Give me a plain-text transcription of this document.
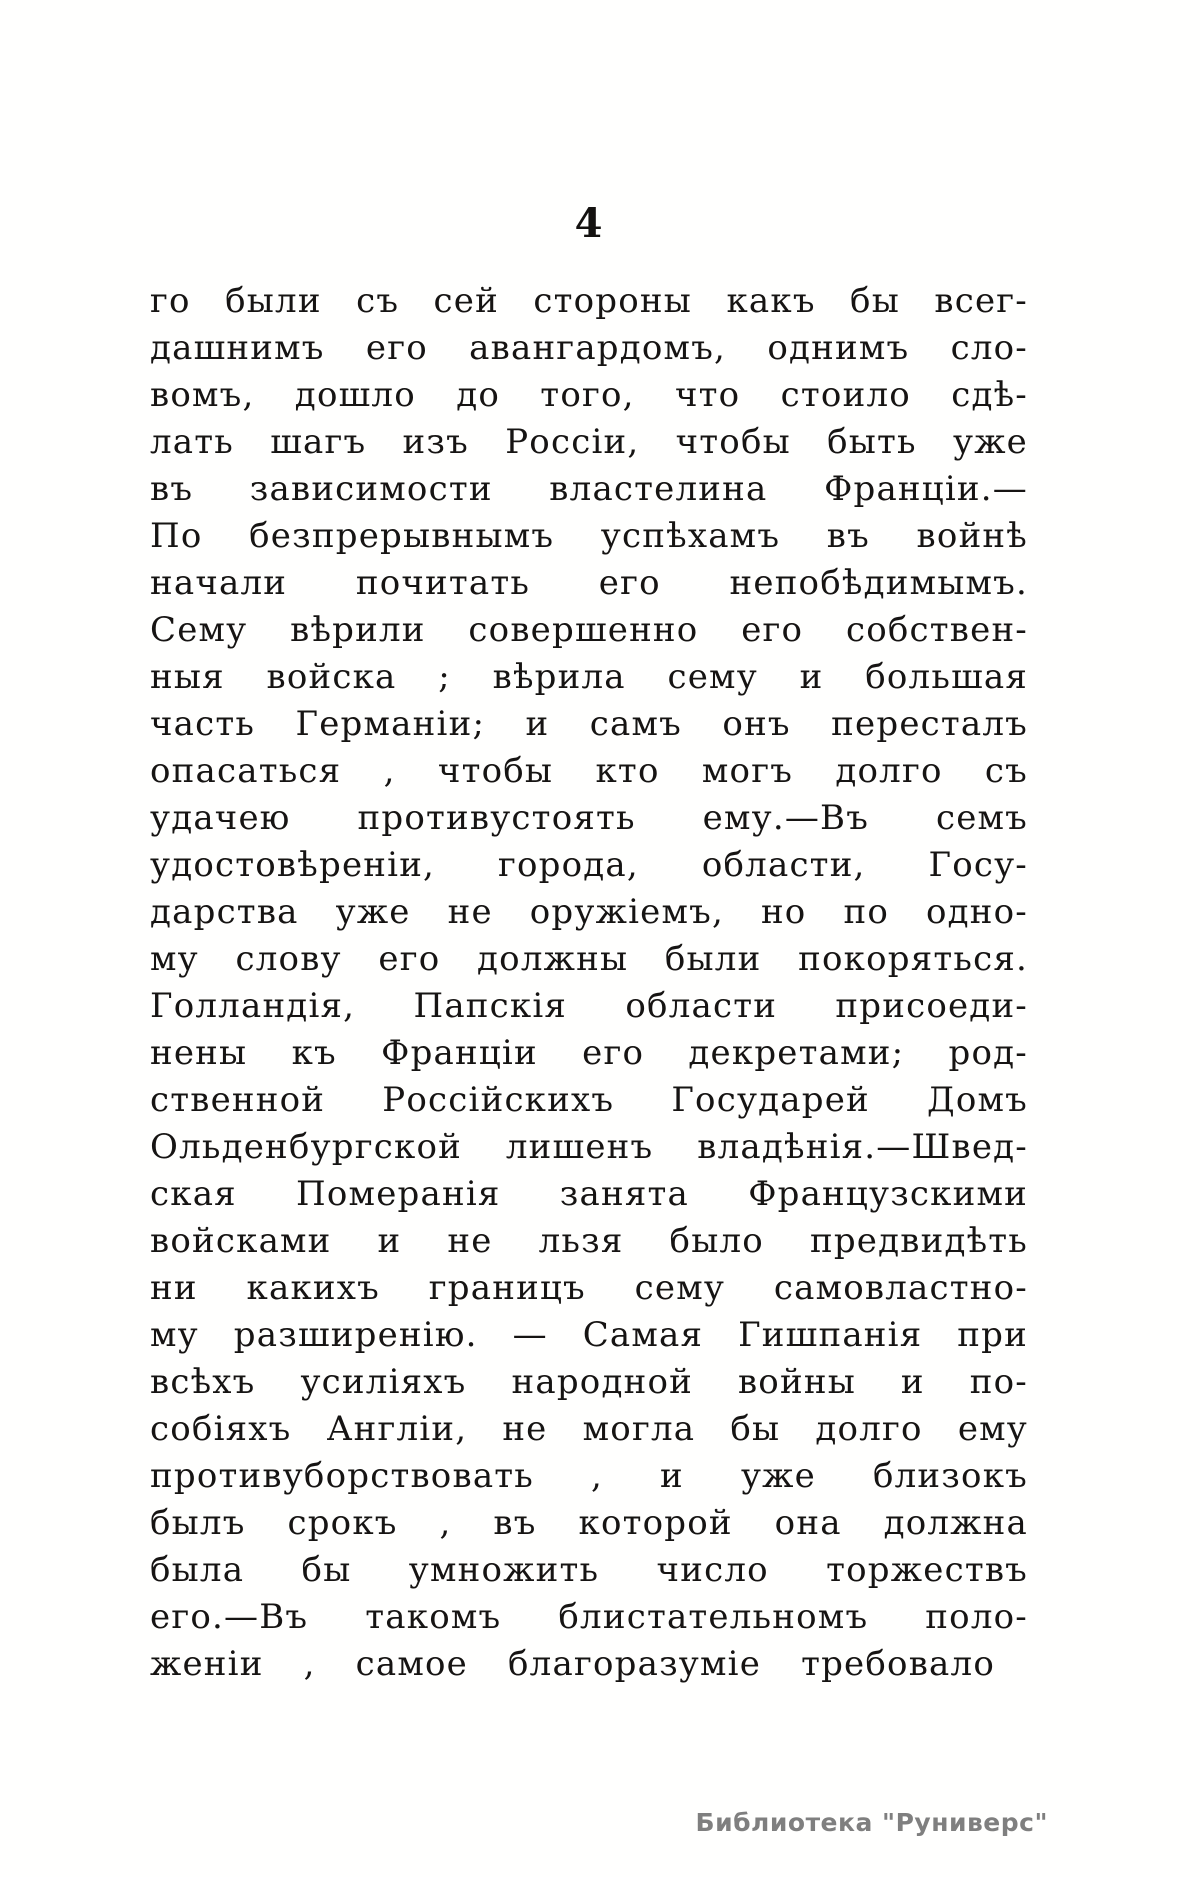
4
го были съ сей стороны какъ бы всег-
дашнимъ его авангардомъ, однимъ сло-
вомъ, дошло до того, что стоило сдѣ-
лать шагъ изъ Россіи, чтобы быть уже
въ зависимости властелина Франціи.—
По безпрерывнымъ успѣхамъ въ войнѣ
начали почитать его непобѣдимымъ.
Сему вѣрили совершенно его собствен-
ныя войска ; вѣрила сему и большая
часть Германіи; и самъ онъ пересталъ
опасаться , чтобы кто могъ долго съ
удачею противустоять ему.—Въ семъ
удостовѣреніи, города, области, Госу-
дарства уже не оружіемъ, но по одно-
му слову его должны были покоряться.
Голландія, Папскія области присоеди-
нены къ Франціи его декретами; род-
ственной Россійскихъ Государей Домъ
Ольденбургской лишенъ владѣнія.—Швед-
ская Померанія занята Французскими
войсками и не льзя было предвидѣть
ни какихъ границъ сему самовластно-
му разширенію. — Самая Гишпанія при
всѣхъ усиліяхъ народной войны и по-
собіяхъ Англіи, не могла бы долго ему
противуборствовать , и уже близокъ
былъ срокъ , въ которой она должна
была бы умножить число торжествъ
его.—Въ такомъ блистательномъ поло-
женіи , самое благоразуміе требовало
Библиотека "Руниверс"
